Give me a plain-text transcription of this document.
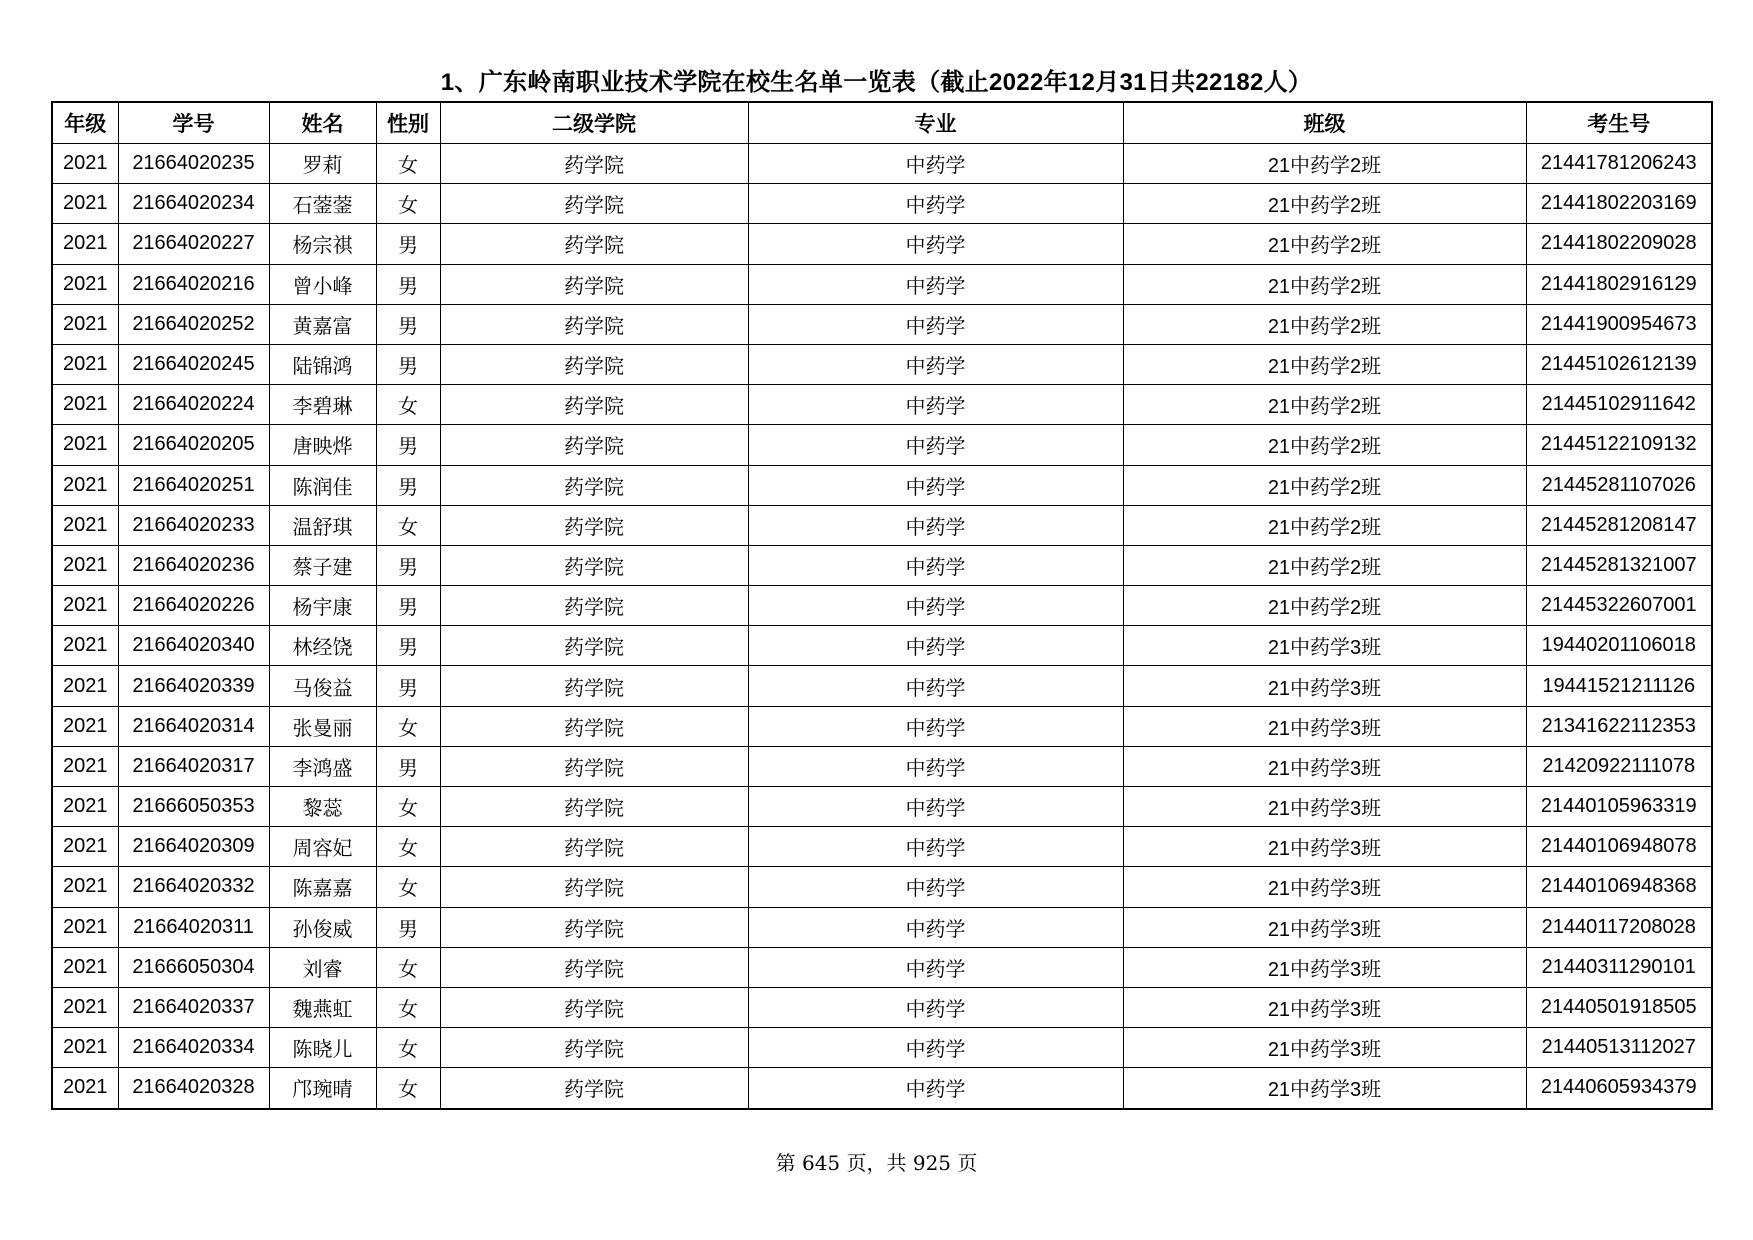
1、广东岭南职业技术学院在校生名单一览表（截止2022年12月31日共22182人）
年级	学号	姓名	性别	二级学院	专业	班级	考生号
2021	21664020235	罗莉	女	药学院	中药学	21中药学2班	21441781206243
2021	21664020234	石蓥蓥	女	药学院	中药学	21中药学2班	21441802203169
2021	21664020227	杨宗祺	男	药学院	中药学	21中药学2班	21441802209028
2021	21664020216	曾小峰	男	药学院	中药学	21中药学2班	21441802916129
2021	21664020252	黄嘉富	男	药学院	中药学	21中药学2班	21441900954673
2021	21664020245	陆锦鸿	男	药学院	中药学	21中药学2班	21445102612139
2021	21664020224	李碧琳	女	药学院	中药学	21中药学2班	21445102911642
2021	21664020205	唐映烨	男	药学院	中药学	21中药学2班	21445122109132
2021	21664020251	陈润佳	男	药学院	中药学	21中药学2班	21445281107026
2021	21664020233	温舒琪	女	药学院	中药学	21中药学2班	21445281208147
2021	21664020236	蔡子建	男	药学院	中药学	21中药学2班	21445281321007
2021	21664020226	杨宇康	男	药学院	中药学	21中药学2班	21445322607001
2021	21664020340	林经饶	男	药学院	中药学	21中药学3班	19440201106018
2021	21664020339	马俊益	男	药学院	中药学	21中药学3班	19441521211126
2021	21664020314	张曼丽	女	药学院	中药学	21中药学3班	21341622112353
2021	21664020317	李鸿盛	男	药学院	中药学	21中药学3班	21420922111078
2021	21666050353	黎蕊	女	药学院	中药学	21中药学3班	21440105963319
2021	21664020309	周容妃	女	药学院	中药学	21中药学3班	21440106948078
2021	21664020332	陈嘉嘉	女	药学院	中药学	21中药学3班	21440106948368
2021	21664020311	孙俊威	男	药学院	中药学	21中药学3班	21440117208028
2021	21666050304	刘睿	女	药学院	中药学	21中药学3班	21440311290101
2021	21664020337	魏燕虹	女	药学院	中药学	21中药学3班	21440501918505
2021	21664020334	陈晓儿	女	药学院	中药学	21中药学3班	21440513112027
2021	21664020328	邝琬晴	女	药学院	中药学	21中药学3班	21440605934379
第 645 页，共 925 页
